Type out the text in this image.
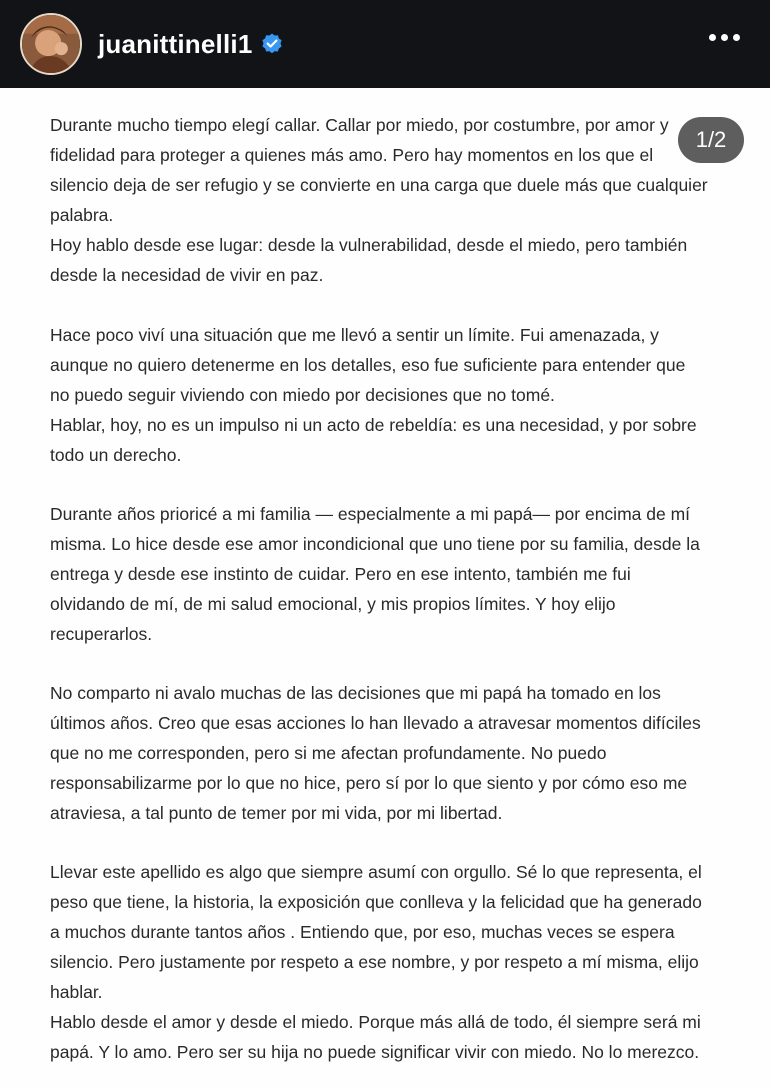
juanittinelli1

Durante mucho tiempo elegí callar. Callar por miedo, por costumbre, por amor y
fidelidad para proteger a quienes más amo. Pero hay momentos en los que el
silencio deja de ser refugio y se convierte en una carga que duele más que cualquier
palabra.
Hoy hablo desde ese lugar: desde la vulnerabilidad, desde el miedo, pero también
desde la necesidad de vivir en paz.

Hace poco viví una situación que me llevó a sentir un límite. Fui amenazada, y
aunque no quiero detenerme en los detalles, eso fue suficiente para entender que
no puedo seguir viviendo con miedo por decisiones que no tomé.
Hablar, hoy, no es un impulso ni un acto de rebeldía: es una necesidad, y por sobre
todo un derecho.

Durante años prioricé a mi familia — especialmente a mi papá— por encima de mí
misma. Lo hice desde ese amor incondicional que uno tiene por su familia, desde la
entrega y desde ese instinto de cuidar. Pero en ese intento, también me fui
olvidando de mí, de mi salud emocional, y mis propios límites. Y hoy elijo
recuperarlos.

No comparto ni avalo muchas de las decisiones que mi papá ha tomado en los
últimos años. Creo que esas acciones lo han llevado a atravesar momentos difíciles
que no me corresponden, pero si me afectan profundamente. No puedo
responsabilizarme por lo que no hice, pero sí por lo que siento y por cómo eso me
atraviesa, a tal punto de temer por mi vida, por mi libertad.

Llevar este apellido es algo que siempre asumí con orgullo. Sé lo que representa, el
peso que tiene, la historia, la exposición que conlleva y la felicidad que ha generado
a muchos durante tantos años . Entiendo que, por eso, muchas veces se espera
silencio. Pero justamente por respeto a ese nombre, y por respeto a mí misma, elijo
hablar.
Hablo desde el amor y desde el miedo. Porque más allá de todo, él siempre será mi
papá. Y lo amo. Pero ser su hija no puede significar vivir con miedo. No lo merezco.

1/2
